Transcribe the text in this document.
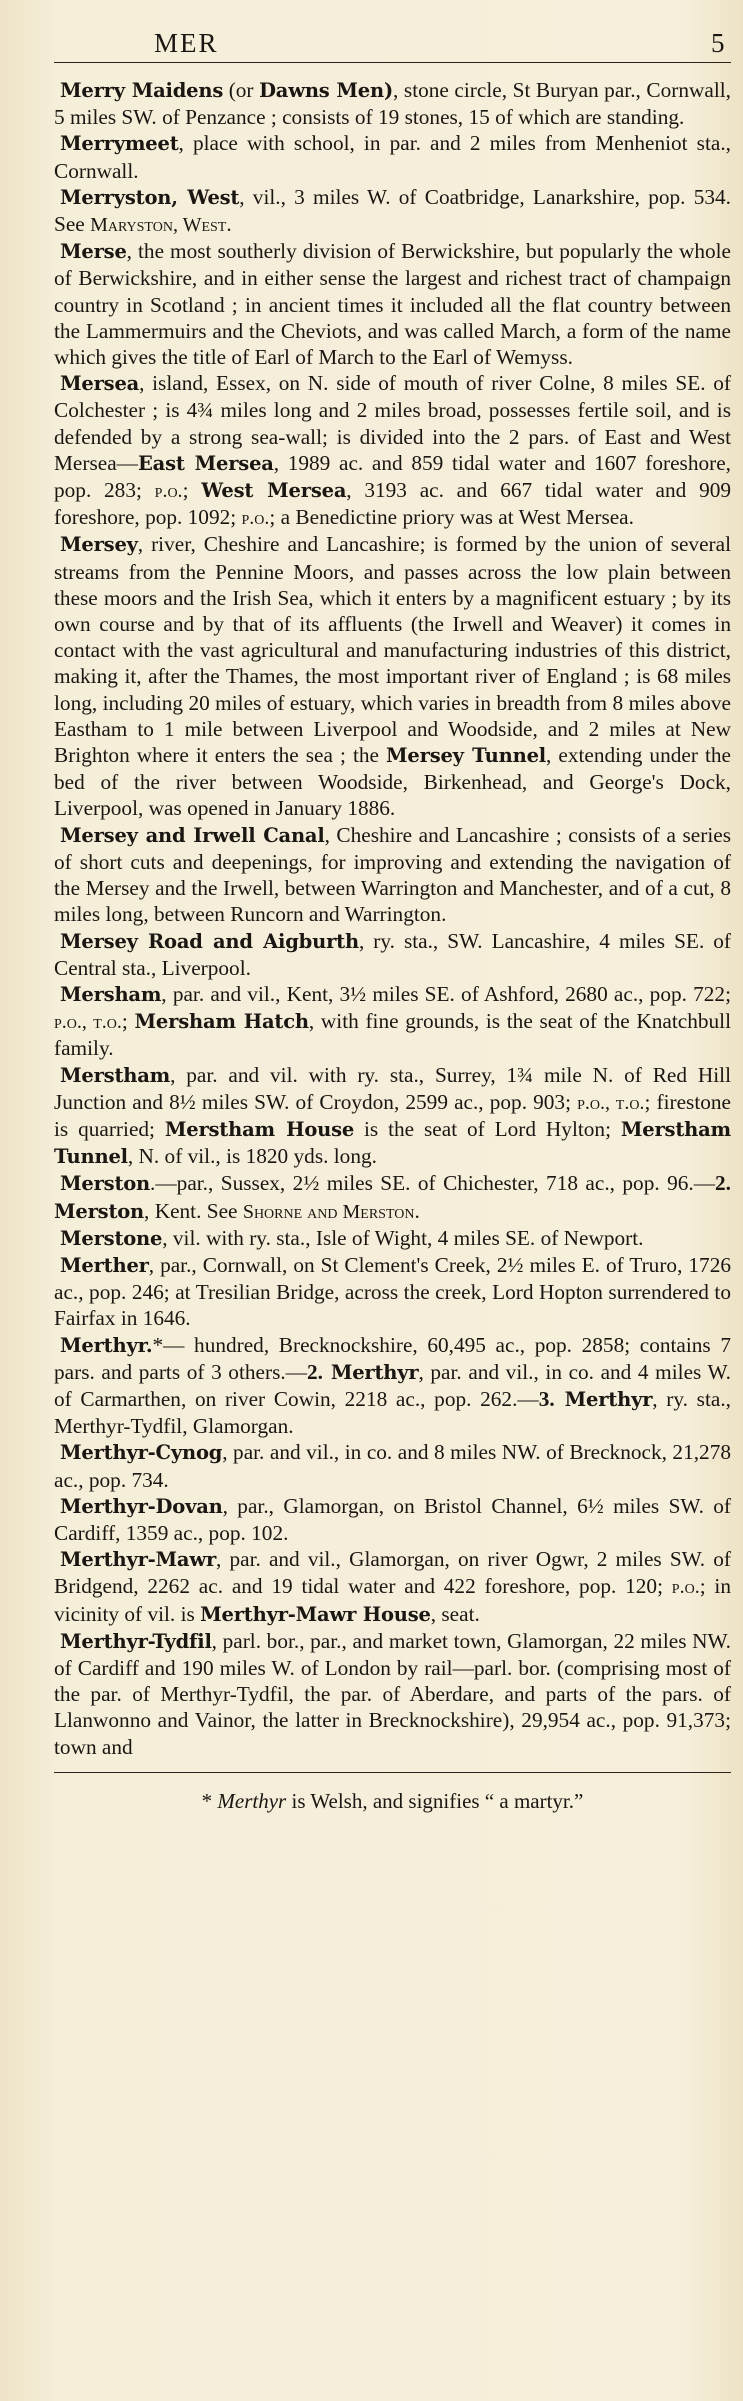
MER	5

Merry Maidens (or Dawns Men), stone circle, St Buryan par., Cornwall, 5 miles SW. of Penzance ; consists of 19 stones, 15 of which are standing.

Merrymeet, place with school, in par. and 2 miles from Menheniot sta., Cornwall.

Merryston, West, vil., 3 miles W. of Coatbridge, Lanarkshire, pop. 534. See Maryston, West.

Merse, the most southerly division of Berwickshire, but popularly the whole of Berwickshire, and in either sense the largest and richest tract of champaign country in Scotland ; in ancient times it included all the flat country between the Lammermuirs and the Cheviots, and was called March, a form of the name which gives the title of Earl of March to the Earl of Wemyss.

Mersea, island, Essex, on N. side of mouth of river Colne, 8 miles SE. of Colchester ; is 4¾ miles long and 2 miles broad, possesses fertile soil, and is defended by a strong sea-wall; is divided into the 2 pars. of East and West Mersea—East Mersea, 1989 ac. and 859 tidal water and 1607 foreshore, pop. 283; p.o.; West Mersea, 3193 ac. and 667 tidal water and 909 foreshore, pop. 1092; p.o.; a Benedictine priory was at West Mersea.

Mersey, river, Cheshire and Lancashire; is formed by the union of several streams from the Pennine Moors, and passes across the low plain between these moors and the Irish Sea, which it enters by a magnificent estuary ; by its own course and by that of its affluents (the Irwell and Weaver) it comes in contact with the vast agricultural and manufacturing industries of this district, making it, after the Thames, the most important river of England ; is 68 miles long, including 20 miles of estuary, which varies in breadth from 8 miles above Eastham to 1 mile between Liverpool and Woodside, and 2 miles at New Brighton where it enters the sea ; the Mersey Tunnel, extending under the bed of the river between Woodside, Birkenhead, and George's Dock, Liverpool, was opened in January 1886.

Mersey and Irwell Canal, Cheshire and Lancashire ; consists of a series of short cuts and deepenings, for improving and extending the navigation of the Mersey and the Irwell, between Warrington and Manchester, and of a cut, 8 miles long, between Runcorn and Warrington.

Mersey Road and Aigburth, ry. sta., SW. Lancashire, 4 miles SE. of Central sta., Liverpool.

Mersham, par. and vil., Kent, 3½ miles SE. of Ashford, 2680 ac., pop. 722; p.o., t.o.; Mersham Hatch, with fine grounds, is the seat of the Knatchbull family.

Merstham, par. and vil. with ry. sta., Surrey, 1¾ mile N. of Red Hill Junction and 8½ miles SW. of Croydon, 2599 ac., pop. 903; p.o., t.o.; firestone is quarried; Merstham House is the seat of Lord Hylton; Merstham Tunnel, N. of vil., is 1820 yds. long.

Merston.—par., Sussex, 2½ miles SE. of Chichester, 718 ac., pop. 96.—2. Merston, Kent. See Shorne and Merston.

Merstone, vil. with ry. sta., Isle of Wight, 4 miles SE. of Newport.

Merther, par., Cornwall, on St Clement's Creek, 2½ miles E. of Truro, 1726 ac., pop. 246; at Tresilian Bridge, across the creek, Lord Hopton surrendered to Fairfax in 1646.

Merthyr.*— hundred, Brecknockshire, 60,495 ac., pop. 2858; contains 7 pars. and parts of 3 others.—2. Merthyr, par. and vil., in co. and 4 miles W. of Carmarthen, on river Cowin, 2218 ac., pop. 262.—3. Merthyr, ry. sta., Merthyr-Tydfil, Glamorgan.

Merthyr-Cynog, par. and vil., in co. and 8 miles NW. of Brecknock, 21,278 ac., pop. 734.

Merthyr-Dovan, par., Glamorgan, on Bristol Channel, 6½ miles SW. of Cardiff, 1359 ac., pop. 102.

Merthyr-Mawr, par. and vil., Glamorgan, on river Ogwr, 2 miles SW. of Bridgend, 2262 ac. and 19 tidal water and 422 foreshore, pop. 120; p.o.; in vicinity of vil. is Merthyr-Mawr House, seat.

Merthyr-Tydfil, parl. bor., par., and market town, Glamorgan, 22 miles NW. of Cardiff and 190 miles W. of London by rail—parl. bor. (comprising most of the par. of Merthyr-Tydfil, the par. of Aberdare, and parts of the pars. of Llanwonno and Vainor, the latter in Brecknockshire), 29,954 ac., pop. 91,373; town and

* Merthyr is Welsh, and signifies “ a martyr.”
